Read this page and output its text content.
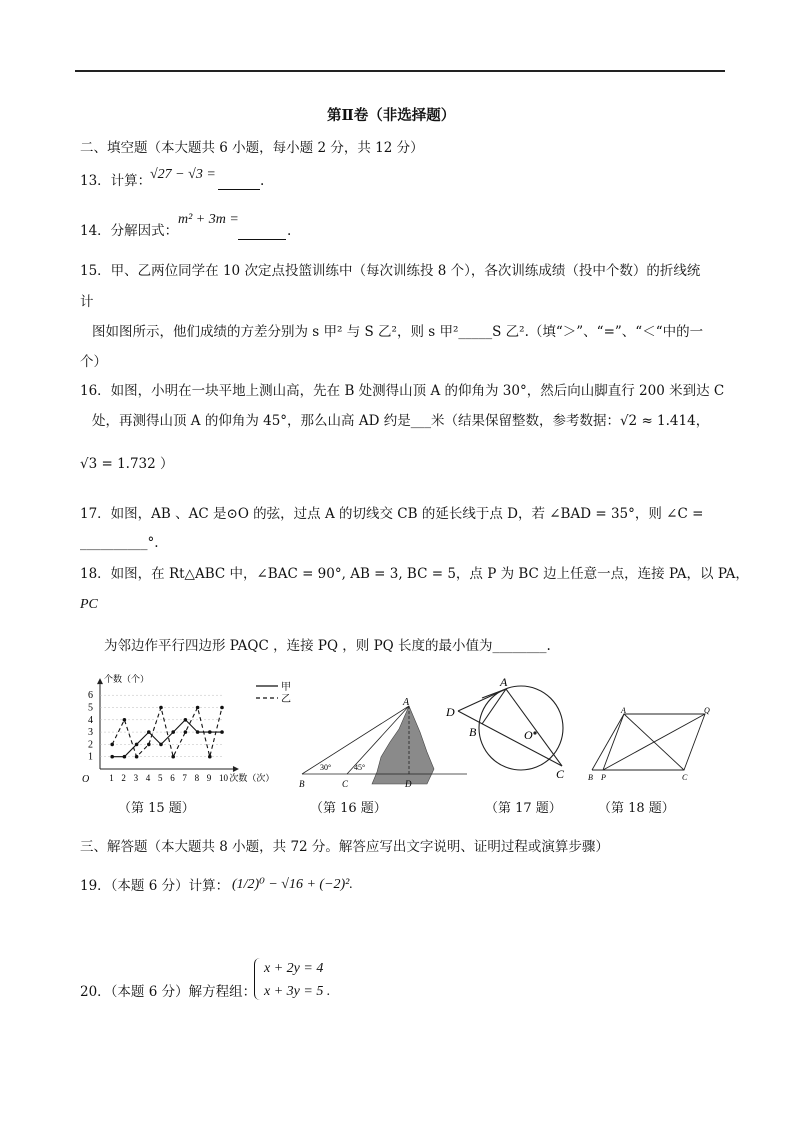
第Ⅱ卷（非选择题）
二、填空题（本大题共 6 小题，每小题 2 分，共 12 分）
13．计算：
√27 − √3 =
	.
14．分解因式：
m² + 3m =

.
15．甲、乙两位同学在 10 次定点投篮训练中（每次训练投 8 个），各次训练成绩（投中个数）的折线统
计
图如图所示，他们成绩的方差分别为 s 甲² 与 S 乙²，则 s 甲²_____S 乙².（填“＞”、“=”、“＜“中的一
个）
16．如图，小明在一块平地上测山高，先在 B 处测得山顶 A 的仰角为 30°，然后向山脚直行 200 米到达 C
处，再测得山顶 A 的仰角为 45°，那么山高 AD 约是___米（结果保留整数，参考数据：√2 ≈ 1.414，
√3 = 1.732 ）
17．如图，AB 、AC 是⊙O 的弦，过点 A 的切线交 CB 的延长线于点 D，若 ∠BAD = 35°，则 ∠C =
__________°.
18．如图，在 Rt△ABC 中，∠BAC = 90°, AB = 3, BC = 5，点 P 为 BC 边上任意一点，连接 PA，以 PA，
PC
为邻边作平行四边形 PAQC ，连接 PQ ，则 PQ 长度的最小值为________.
个数（个）
次数（次）
O
1
2
3
4
5
6
1 2 3 4 5 6 7 8 9 10
甲
乙	A
B	C	D
30°	45°
A
B
C
D
O
A	Q
B P	C
（第 15 题）	（第 16 题）	（第 17 题）	（第 18 题）
三、解答题（本大题共 8 小题，共 72 分。解答应写出文字说明、证明过程或演算步骤）
19．（本题 6 分）计算： (1/2)⁰ − √16 + (−2)².
20．（本题 6 分）解方程组：
x + 2y = 4
x + 3y = 5 .
